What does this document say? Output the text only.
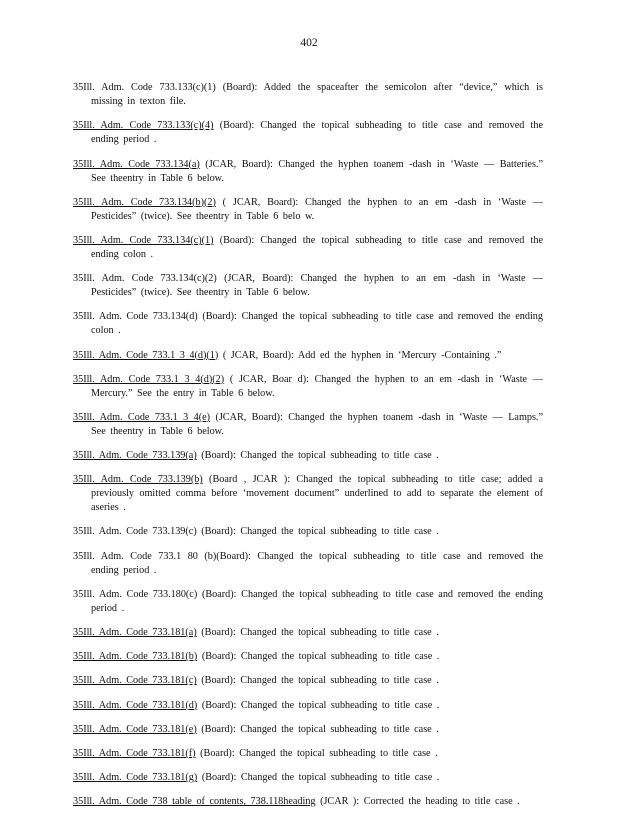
402

35Ill. Adm. Code 733.133(c)(1) (Board): Added the spaceafter the semicolon after “device,” which is missing in texton file.

35Ill. Adm. Code 733.133(c)(4) (Board): Changed the topical subheading to title case and removed the ending period .

35Ill. Adm. Code 733.134(a) (JCAR, Board): Changed the hyphen toanem -dash in ‘Waste — Batteries.” See theentry in Table 6 below.

35Ill. Adm. Code 733.134(b)(2) ( JCAR, Board): Changed the hyphen to an em -dash in ‘Waste — Pesticides” (twice). See theentry in Table 6 belo w.

35Ill. Adm. Code 733.134(c)(1) (Board): Changed the topical subheading to title case and removed the ending colon .

35Ill. Adm. Code 733.134(c)(2) (JCAR, Board): Changed the hyphen to an em -dash in ‘Waste — Pesticides” (twice). See theentry in Table 6 below.

35Ill. Adm. Code 733.134(d) (Board): Changed the topical subheading to title case and removed the ending colon .

35Ill. Adm. Code 733.1 3 4(d)(1) ( JCAR, Board): Add ed the hyphen in ‘Mercury -Containing .”

35Ill. Adm. Code 733.1 3 4(d)(2) ( JCAR, Boar d): Changed the hyphen to an em -dash in ‘Waste — Mercury.” See the entry in Table 6 below.

35Ill. Adm. Code 733.1 3 4(e) (JCAR, Board): Changed the hyphen toanem -dash in ‘Waste — Lamps.” See theentry in Table 6 below.

35Ill. Adm. Code 733.139(a) (Board): Changed the topical subheading to title case .

35Ill. Adm. Code 733.139(b) (Board , JCAR ): Changed the topical subheading to title case; added a previously omitted comma before ‘movement document” underlined to add to separate the element of aseries .

35Ill. Adm. Code 733.139(c) (Board): Changed the topical subheading to title case .

35Ill. Adm. Code 733.1 80 (b)(Board): Changed the topical subheading to title case and removed the ending period .

35Ill. Adm. Code 733.180(c) (Board): Changed the topical subheading to title case and removed the ending period .

35Ill. Adm. Code 733.181(a) (Board): Changed the topical subheading to title case .

35Ill. Adm. Code 733.181(b) (Board): Changed the topical subheading to title case .

35Ill. Adm. Code 733.181(c) (Board): Changed the topical subheading to title case .

35Ill. Adm. Code 733.181(d) (Board): Changed the topical subheading to title case .

35Ill. Adm. Code 733.181(e) (Board): Changed the topical subheading to title case .

35Ill. Adm. Code 733.181(f) (Board): Changed the topical subheading to title case .

35Ill. Adm. Code 733.181(g) (Board): Changed the topical subheading to title case .

35Ill. Adm. Code 738 table of contents, 738.118heading (JCAR ): Corrected the heading to title case .
